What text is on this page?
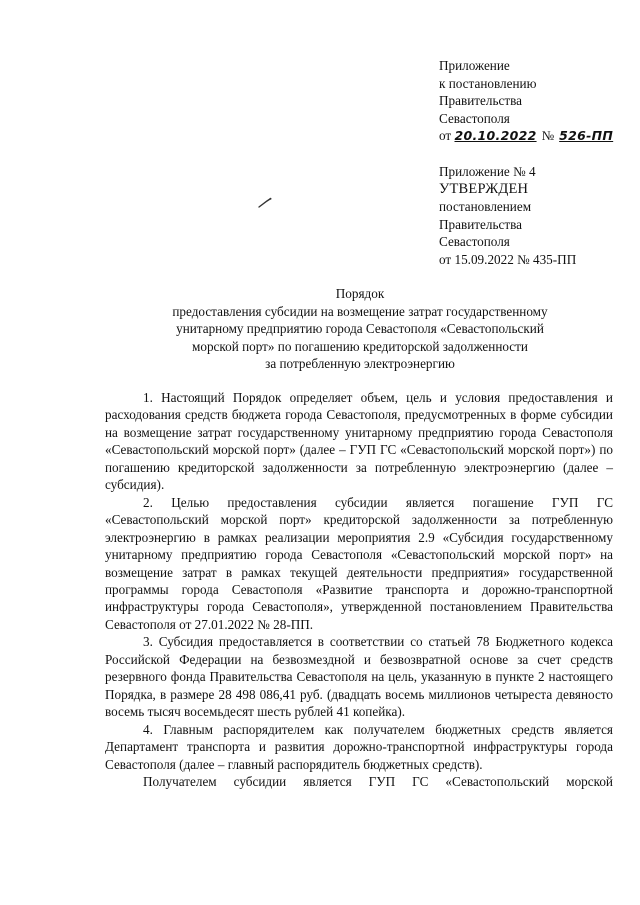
Приложение
к постановлению
Правительства
Севастополя
от 20.10.2022 № 526-ПП
Приложение № 4
УТВЕРЖДЕН
постановлением
Правительства
Севастополя
от 15.09.2022 № 435-ПП
Порядок
предоставления субсидии на возмещение затрат государственному
унитарному предприятию города Севастополя «Севастопольский
морской порт» по погашению кредиторской задолженности
за потребленную электроэнергию

1. Настоящий Порядок определяет объем, цель и условия предоставления и расходования средств бюджета города Севастополя, предусмотренных в форме субсидии на возмещение затрат государственному унитарному предприятию города Севастополя «Севастопольский морской порт» (далее – ГУП ГС «Севастопольский морской порт») по погашению кредиторской задолженности за потребленную электроэнергию (далее – субсидия).

2. Целью предоставления субсидии является погашение ГУП ГС «Севастопольский морской порт» кредиторской задолженности за потребленную электроэнергию в рамках реализации мероприятия 2.9 «Субсидия государственному унитарному предприятию города Севастополя «Севастопольский морской порт» на возмещение затрат в рамках текущей деятельности предприятия» государственной программы города Севастополя «Развитие транспорта и дорожно-транспортной инфраструктуры города Севастополя», утвержденной постановлением Правительства Севастополя от 27.01.2022 № 28-ПП.

3. Субсидия предоставляется в соответствии со статьей 78 Бюджетного кодекса Российской Федерации на безвозмездной и безвозвратной основе за счет средств резервного фонда Правительства Севастополя на цель, указанную в пункте 2 настоящего Порядка, в размере 28 498 086,41 руб. (двадцать восемь миллионов четыреста девяносто восемь тысяч восемьдесят шесть рублей 41 копейка).

4. Главным распорядителем как получателем бюджетных средств является Департамент транспорта и развития дорожно-транспортной инфраструктуры города Севастополя (далее – главный распорядитель бюджетных средств).

Получателем субсидии является ГУП ГС «Севастопольский морской
